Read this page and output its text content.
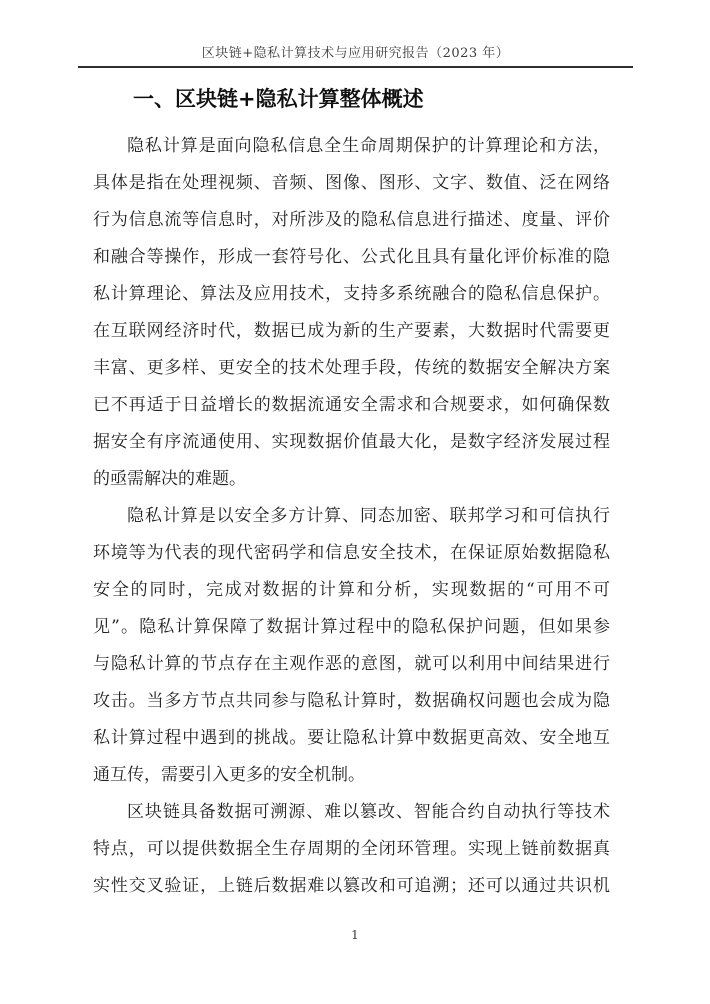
区块链+隐私计算技术与应用研究报告（2023 年）
一、区块链+隐私计算整体概述
隐私计算是面向隐私信息全生命周期保护的计算理论和方法，
具体是指在处理视频、音频、图像、图形、文字、数值、泛在网络
行为信息流等信息时，对所涉及的隐私信息进行描述、度量、评价
和融合等操作，形成一套符号化、公式化且具有量化评价标准的隐
私计算理论、算法及应用技术，支持多系统融合的隐私信息保护。
在互联网经济时代，数据已成为新的生产要素，大数据时代需要更
丰富、更多样、更安全的技术处理手段，传统的数据安全解决方案
已不再适于日益增长的数据流通安全需求和合规要求，如何确保数
据安全有序流通使用、实现数据价值最大化，是数字经济发展过程
的亟需解决的难题。
隐私计算是以安全多方计算、同态加密、联邦学习和可信执行
环境等为代表的现代密码学和信息安全技术，在保证原始数据隐私
安全的同时，完成对数据的计算和分析，实现数据的“可用不可
见”。隐私计算保障了数据计算过程中的隐私保护问题，但如果参
与隐私计算的节点存在主观作恶的意图，就可以利用中间结果进行
攻击。当多方节点共同参与隐私计算时，数据确权问题也会成为隐
私计算过程中遇到的挑战。要让隐私计算中数据更高效、安全地互
通互传，需要引入更多的安全机制。
区块链具备数据可溯源、难以篡改、智能合约自动执行等技术
特点，可以提供数据全生存周期的全闭环管理。实现上链前数据真
实性交叉验证，上链后数据难以篡改和可追溯；还可以通过共识机
1
